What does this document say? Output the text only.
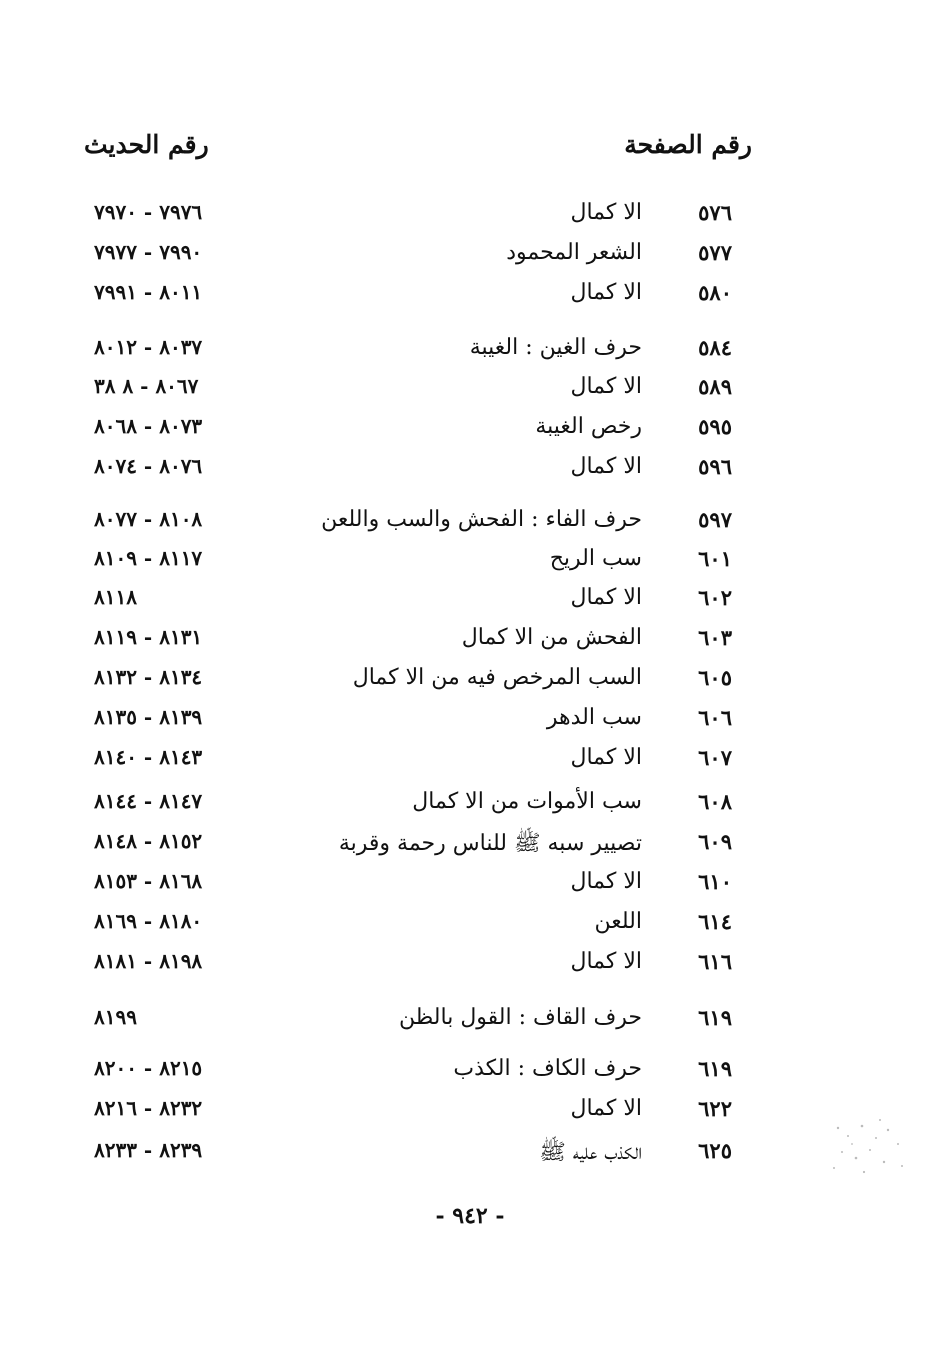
رقم الصفحة
رقم الحديث
٥٧٦
الا كمال
٧٩٧٦ - ٧٩٧٠
٥٧٧
الشعر المحمود
٧٩٩٠ - ٧٩٧٧
٥٨٠
الا كمال
٨٠١١ - ٧٩٩١
٥٨٤
حرف الغين : الغيبة
٨٠٣٧ - ٨٠١٢
٥٨٩
الا كمال
٨٠٦٧ - ٨ ٣٨
٥٩٥
رخص الغيبة
٨٠٧٣ - ٨٠٦٨
٥٩٦
الا كمال
٨٠٧٦ - ٨٠٧٤
٥٩٧
حرف الفاء : الفحش والسب واللعن
٨١٠٨ - ٨٠٧٧
٦٠١
سب الريح
٨١١٧ - ٨١٠٩
٦٠٢
الا كمال
٨١١٨
٦٠٣
الفحش من الا كمال
٨١٣١ - ٨١١٩
٦٠٥
السب المرخص فيه من الا كمال
٨١٣٤ - ٨١٣٢
٦٠٦
سب الدهر
٨١٣٩ - ٨١٣٥
٦٠٧
الا كمال
٨١٤٣ - ٨١٤٠
٦٠٨
سب الأموات من الا كمال
٨١٤٧ - ٨١٤٤
٦٠٩
تصيير سبه ﷺ للناس رحمة وقربة
٨١٥٢ - ٨١٤٨
٦١٠
الا كمال
٨١٦٨ - ٨١٥٣
٦١٤
اللعن
٨١٨٠ - ٨١٦٩
٦١٦
الا كمال
٨١٩٨ - ٨١٨١
٦١٩
حرف القاف : القول بالظن
٨١٩٩
٦١٩
حرف الكاف : الكذب
٨٢١٥ - ٨٢٠٠
٦٢٢
الا كمال
٨٢٣٢ - ٨٢١٦
٦٢٥
الكذب عليه ﷺ
٨٢٣٩ - ٨٢٣٣
- ٩٤٢ -
